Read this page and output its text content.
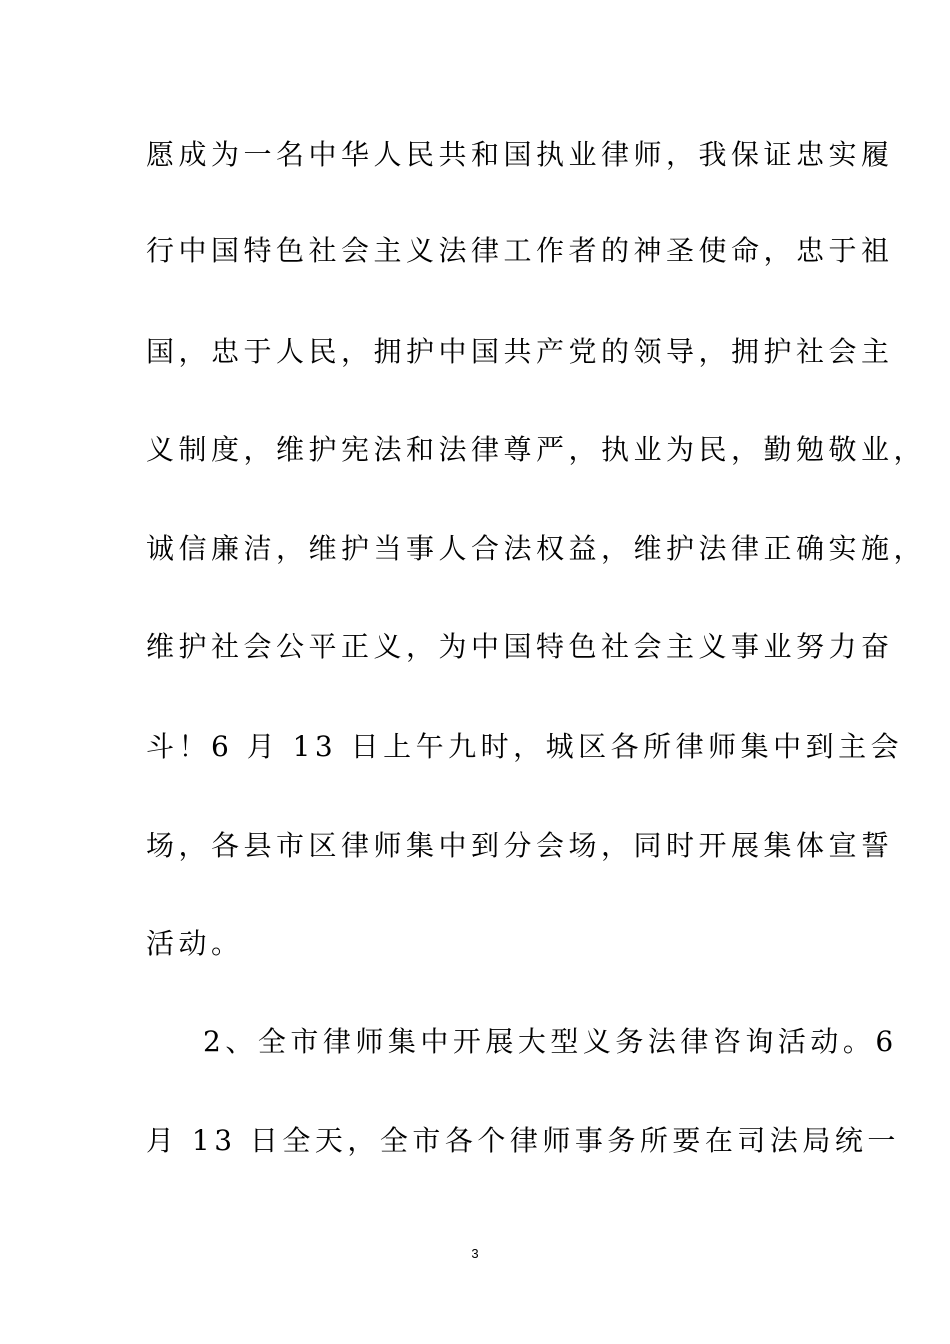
愿成为一名中华人民共和国执业律师，我保证忠实履
行中国特色社会主义法律工作者的神圣使命，忠于祖
国，忠于人民，拥护中国共产党的领导，拥护社会主
义制度，维护宪法和法律尊严，执业为民，勤勉敬业，
诚信廉洁，维护当事人合法权益，维护法律正确实施，
维护社会公平正义，为中国特色社会主义事业努力奋
斗！6 月 13 日上午九时，城区各所律师集中到主会
场，各县市区律师集中到分会场，同时开展集体宣誓
活动。
2、全市律师集中开展大型义务法律咨询活动。6
月 13 日全天，全市各个律师事务所要在司法局统一
3
